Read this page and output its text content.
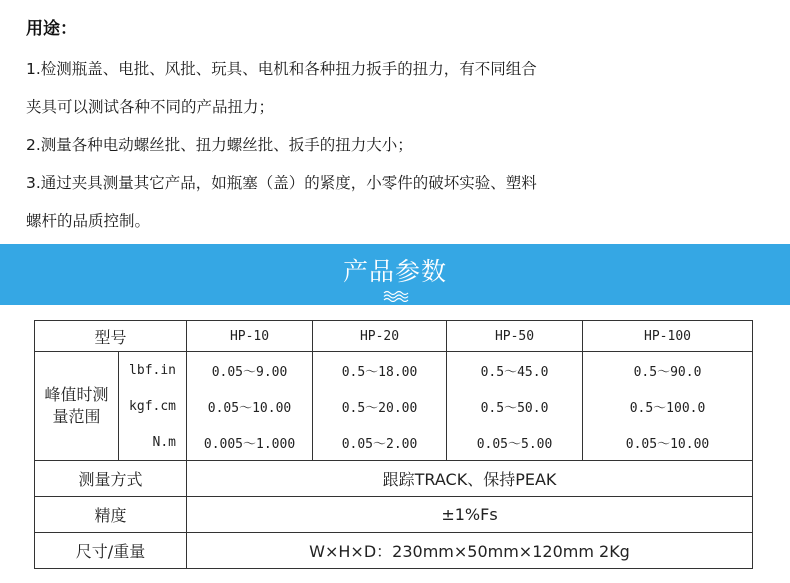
用途：
1.检测瓶盖、电批、风批、玩具、电机和各种扭力扳手的扭力，有不同组合
夹具可以测试各种不同的产品扭力；
2.测量各种电动螺丝批、扭力螺丝批、扳手的扭力大小；
3.通过夹具测量其它产品，如瓶塞（盖）的紧度，小零件的破坏实验、塑料
螺杆的品质控制。
产品参数
型号		HP-10	HP-20	HP-50	HP-100
峰值时测量范围	lbf.in	0.05～9.00	0.5～18.00	0.5～45.0	0.5～90.0
	kgf.cm	0.05～10.00	0.5～20.00	0.5～50.0	0.5～100.0
	N.m	0.005～1.000	0.05～2.00	0.05～5.00	0.05～10.00
测量方式		跟踪TRACK、保持PEAK			
精度		±1%Fs			
尺寸/重量		W×H×D：230mm×50mm×120mm 2Kg			
